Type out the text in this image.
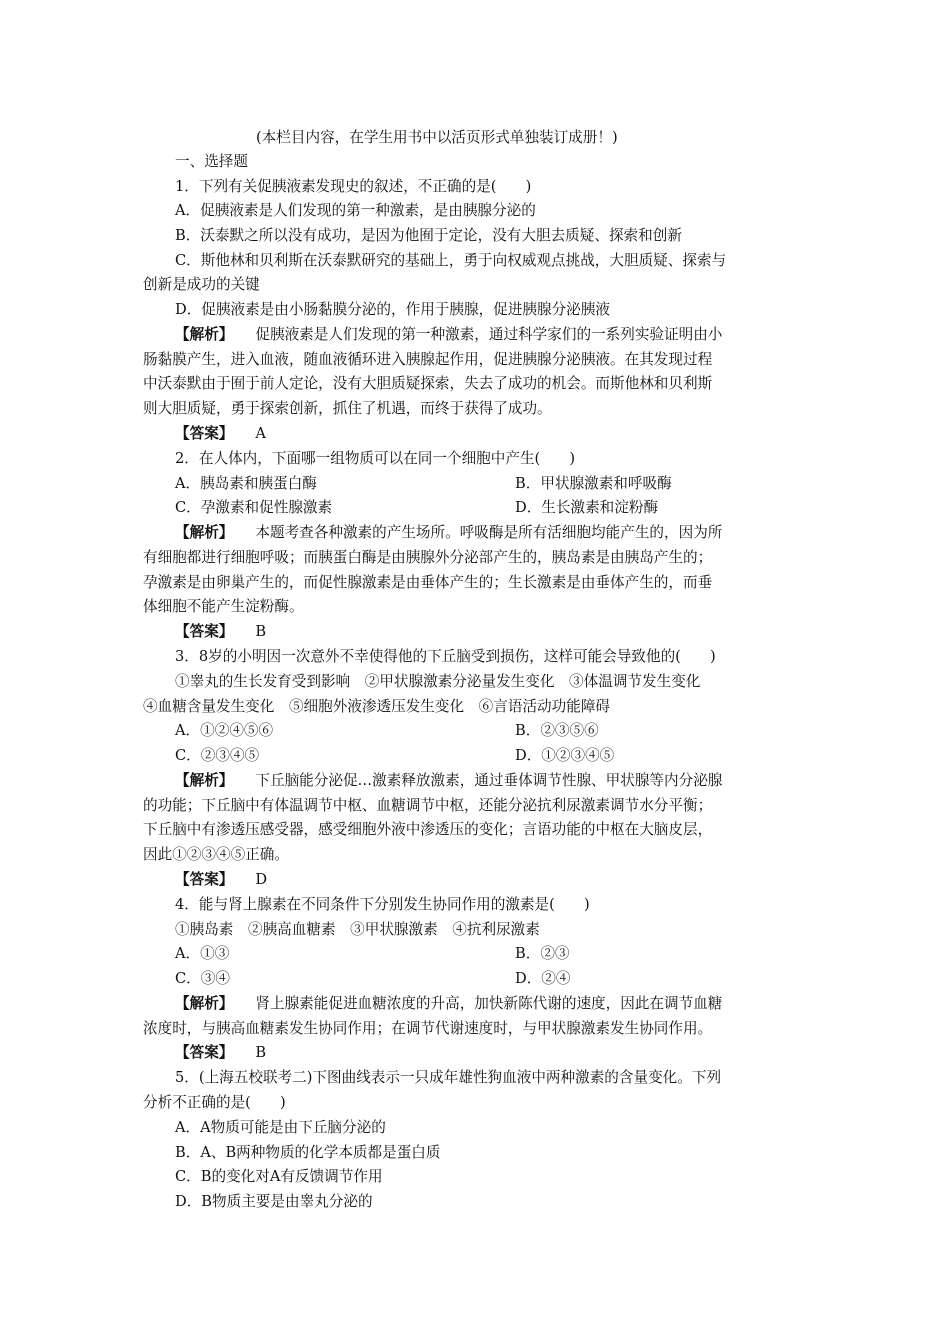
(本栏目内容，在学生用书中以活页形式单独装订成册！)
一、选择题
1．下列有关促胰液素发现史的叙述，不正确的是(　　)
A．促胰液素是人们发现的第一种激素，是由胰腺分泌的
B．沃泰默之所以没有成功，是因为他囿于定论，没有大胆去质疑、探索和创新
C．斯他林和贝利斯在沃泰默研究的基础上，勇于向权威观点挑战，大胆质疑、探索与
创新是成功的关键
D．促胰液素是由小肠黏膜分泌的，作用于胰腺，促进胰腺分泌胰液
【解析】 促胰液素是人们发现的第一种激素，通过科学家们的一系列实验证明由小
肠黏膜产生，进入血液，随血液循环进入胰腺起作用，促进胰腺分泌胰液。在其发现过程
中沃泰默由于囿于前人定论，没有大胆质疑探索，失去了成功的机会。而斯他林和贝利斯
则大胆质疑，勇于探索创新，抓住了机遇，而终于获得了成功。
【答案】 A
2．在人体内，下面哪一组物质可以在同一个细胞中产生(　　)
A．胰岛素和胰蛋白酶	B．甲状腺激素和呼吸酶
C．孕激素和促性腺激素	D．生长激素和淀粉酶
【解析】 本题考查各种激素的产生场所。呼吸酶是所有活细胞均能产生的，因为所
有细胞都进行细胞呼吸；而胰蛋白酶是由胰腺外分泌部产生的，胰岛素是由胰岛产生的；
孕激素是由卵巢产生的，而促性腺激素是由垂体产生的；生长激素是由垂体产生的，而垂
体细胞不能产生淀粉酶。
【答案】 B
3．8岁的小明因一次意外不幸使得他的下丘脑受到损伤，这样可能会导致他的(　　)
①睾丸的生长发育受到影响　②甲状腺激素分泌量发生变化　③体温调节发生变化
④血糖含量发生变化　⑤细胞外液渗透压发生变化　⑥言语活动功能障碍
A．①②④⑤⑥	B．②③⑤⑥
C．②③④⑤	D．①②③④⑤
【解析】 下丘脑能分泌促…激素释放激素，通过垂体调节性腺、甲状腺等内分泌腺
的功能；下丘脑中有体温调节中枢、血糖调节中枢，还能分泌抗利尿激素调节水分平衡；
下丘脑中有渗透压感受器，感受细胞外液中渗透压的变化；言语功能的中枢在大脑皮层，
因此①②③④⑤正确。
【答案】 D
4．能与肾上腺素在不同条件下分别发生协同作用的激素是(　　)
①胰岛素　②胰高血糖素　③甲状腺激素　④抗利尿激素
A．①③	B．②③
C．③④	D．②④
【解析】 肾上腺素能促进血糖浓度的升高，加快新陈代谢的速度，因此在调节血糖
浓度时，与胰高血糖素发生协同作用；在调节代谢速度时，与甲状腺激素发生协同作用。
【答案】 B
5．(上海五校联考二)下图曲线表示一只成年雄性狗血液中两种激素的含量变化。下列
分析不正确的是(　　)
A．A物质可能是由下丘脑分泌的
B．A、B两种物质的化学本质都是蛋白质
C．B的变化对A有反馈调节作用
D．B物质主要是由睾丸分泌的
